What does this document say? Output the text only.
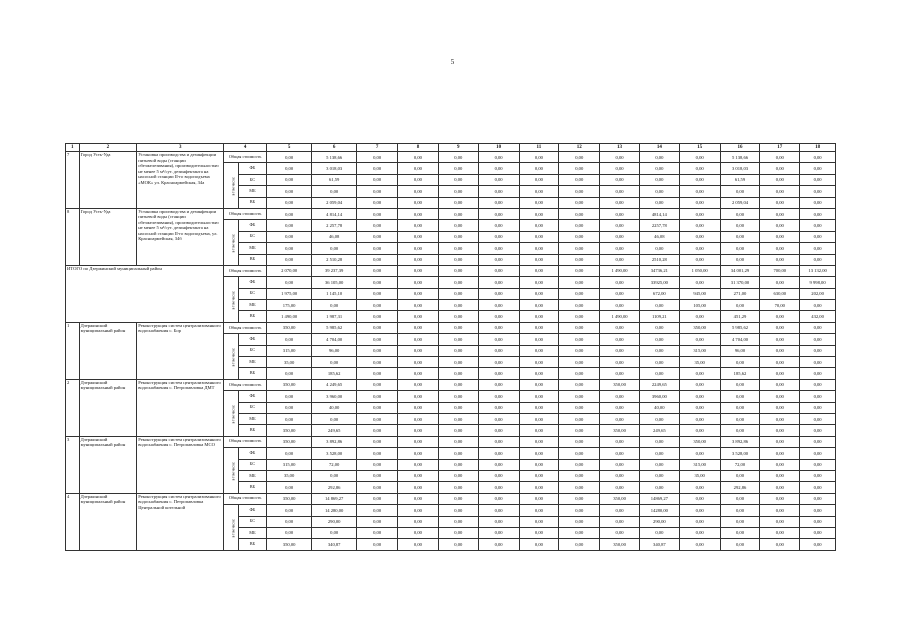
5
1	2	3	4		5	6	7	8	9	10	11	12	13	14	15	16	17	18
7	Город Усть-Уда	Установка производства и дезинфекции питьевой воды (станции обезжелезивания), производительностью не менее 5 м³/сут. дезинфектанта на насосной станции II-го водоподъема «МОК» ул. Красноармейская, 34а	Общая стоимость		0,00	5 138,66	0,00	0,00	0,00	0,00	0,00	0,00	0,00	0,00	0,00	5 138,66	0,00	0,00
			в том числе:	ФБ	0,00	3 018,03	0,00	0,00	0,00	0,00	0,00	0,00	0,00	0,00	0,00	3 018,03	0,00	0,00
				БС	0,00	61,59	0,00	0,00	0,00	0,00	0,00	0,00	0,00	0,00	0,00	61,59	0,00	0,00
				МБ	0,00	0,00	0,00	0,00	0,00	0,00	0,00	0,00	0,00	0,00	0,00	0,00	0,00	0,00
				ВБ	0,00	2 059,04	0,00	0,00	0,00	0,00	0,00	0,00	0,00	0,00	0,00	2 059,04	0,00	0,00
8	Город Усть-Уда	Установка производства и дезинфекции питьевой воды (станции обезжелезивания), производительностью не менее 5 м³/сут. дезинфектанта на насосной станции II-го водоподъема, ул. Красноармейская, 34б	Общая стоимость		0,00	4 814,14	0,00	0,00	0,00	0,00	0,00	0,00	0,00	4814,14	0,00	0,00	0,00	0,00
			в том числе:	ФБ	0,00	2 257,78	0,00	0,00	0,00	0,00	0,00	0,00	0,00	2257,78	0,00	0,00	0,00	0,00
				БС	0,00	46,08	0,00	0,00	0,00	0,00	0,00	0,00	0,00	46,08	0,00	0,00	0,00	0,00
				МБ	0,00	0,00	0,00	0,00	0,00	0,00	0,00	0,00	0,00	0,00	0,00	0,00	0,00	0,00
				ВБ	0,00	2 510,28	0,00	0,00	0,00	0,00	0,00	0,00	0,00	2510,28	0,00	0,00	0,00	0,00
ИТОГО по Дзержинский муниципальный район			Общая стоимость		2 070,00	39 237,39	0,00	0,00	0,00	0,00	0,00	0,00	1 490,00	34736,21	1 050,00	34 001,29	700,00	13 132,00
			в том числе:	ФБ	0,00	36 105,00	0,00	0,00	0,00	0,00	0,00	0,00	0,00	33925,00	0,00	31 370,00	0,00	9 998,00
				БС	1 975,00	1 145,10	0,00	0,00	0,00	0,00	0,00	0,00	0,00	672,00	945,00	271,00	630,00	202,00
				МБ	175,00	0,00	0,00	0,00	0,00	0,00	0,00	0,00	0,00	0,00	105,00	0,00	70,00	0,00
				ВБ	1 490,00	1 987,31	0,00	0,00	0,00	0,00	0,00	0,00	1 490,00	1109,21	0,00	451,29	0,00	432,00
1	Дзержинский муниципальный район	Реконструкция систем централизованного водоснабжения с. Бор	Общая стоимость		350,00	5 985,62	0,00	0,00	0,00	0,00	0,00	0,00	0,00	0,00	350,00	5 985,62	0,00	0,00
			в том числе:	ФБ	0,00	4 704,00	0,00	0,00	0,00	0,00	0,00	0,00	0,00	0,00	0,00	4 704,00	0,00	0,00
				БС	315,00	96,00	0,00	0,00	0,00	0,00	0,00	0,00	0,00	0,00	315,00	96,00	0,00	0,00
				МБ	35,00	0,00	0,00	0,00	0,00	0,00	0,00	0,00	0,00	0,00	35,00	0,00	0,00	0,00
				ВБ	0,00	185,62	0,00	0,00	0,00	0,00	0,00	0,00	0,00	0,00	0,00	185,62	0,00	0,00
2	Дзержинский муниципальный район	Реконструкция систем централизованного водоснабжения с. Петропавловка ДМТ	Общая стоимость		350,00	4 249,65	0,00	0,00	0,00	0,00	0,00	0,00	350,00	2249,65	0,00	0,00	0,00	0,00
			в том числе:	ФБ	0,00	3 960,00	0,00	0,00	0,00	0,00	0,00	0,00	0,00	3960,00	0,00	0,00	0,00	0,00
				БС	0,00	40,00	0,00	0,00	0,00	0,00	0,00	0,00	0,00	40,00	0,00	0,00	0,00	0,00
				МБ	0,00	0,00	0,00	0,00	0,00	0,00	0,00	0,00	0,00	0,00	0,00	0,00	0,00	0,00
				ВБ	350,00	249,65	0,00	0,00	0,00	0,00	0,00	0,00	350,00	249,65	0,00	0,00	0,00	0,00
3	Дзержинский муниципальный район	Реконструкция систем централизованного водоснабжения с. Петропавловка МСО	Общая стоимость		350,00	3 892,86	0,00	0,00	0,00	0,00	0,00	0,00	0,00	0,00	350,00	3 892,86	0,00	0,00
			в том числе:	ФБ	0,00	3 528,00	0,00	0,00	0,00	0,00	0,00	0,00	0,00	0,00	0,00	3 528,00	0,00	0,00
				БС	315,00	72,00	0,00	0,00	0,00	0,00	0,00	0,00	0,00	0,00	315,00	72,00	0,00	0,00
				МБ	35,00	0,00	0,00	0,00	0,00	0,00	0,00	0,00	0,00	0,00	35,00	0,00	0,00	0,00
				ВБ	0,00	292,86	0,00	0,00	0,00	0,00	0,00	0,00	0,00	0,00	0,00	292,86	0,00	0,00
4	Дзержинский муниципальный район	Реконструкция систем централизованного водоснабжения с. Петропавловка Центральной котельной	Общая стоимость		350,00	14 869,27	0,00	0,00	0,00	0,00	0,00	0,00	350,00	14869,27	0,00	0,00	0,00	0,00
			в том числе:	ФБ	0,00	14 280,00	0,00	0,00	0,00	0,00	0,00	0,00	0,00	14280,00	0,00	0,00	0,00	0,00
				БС	0,00	290,00	0,00	0,00	0,00	0,00	0,00	0,00	0,00	290,00	0,00	0,00	0,00	0,00
				МБ	0,00	0,00	0,00	0,00	0,00	0,00	0,00	0,00	0,00	0,00	0,00	0,00	0,00	0,00
				ВБ	350,00	340,87	0,00	0,00	0,00	0,00	0,00	0,00	350,00	340,87	0,00	0,00	0,00	0,00
